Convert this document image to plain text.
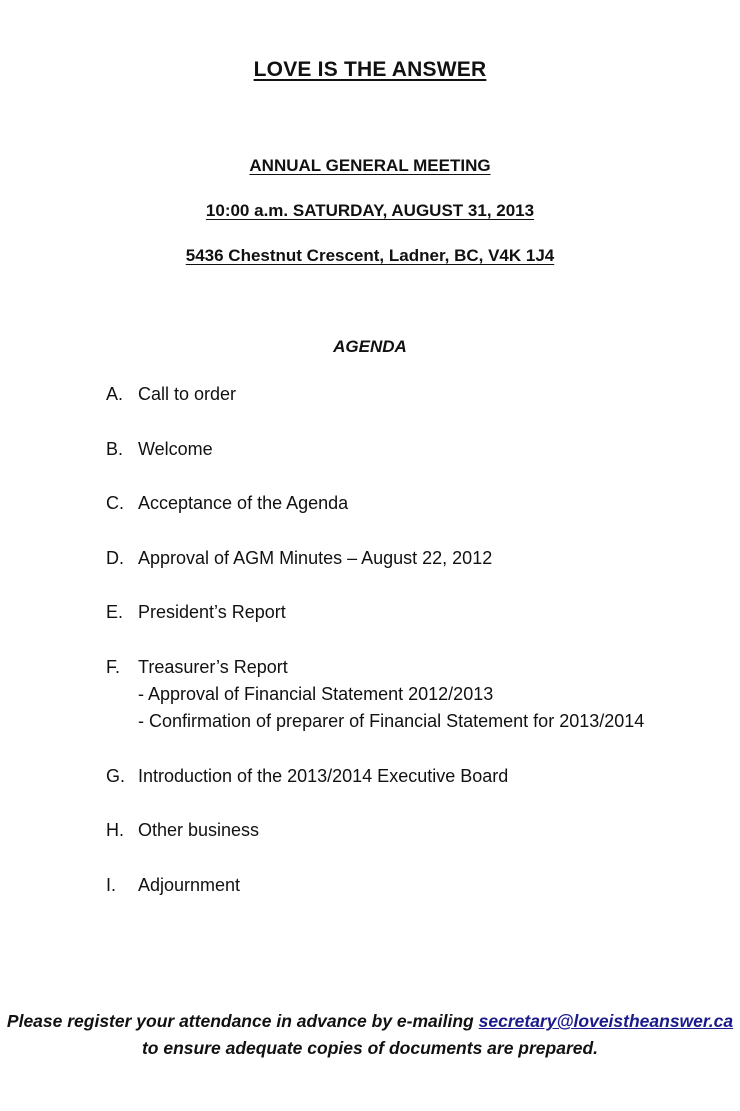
LOVE IS THE ANSWER
ANNUAL GENERAL MEETING
10:00 a.m. SATURDAY, AUGUST 31, 2013
5436 Chestnut Crescent, Ladner, BC, V4K 1J4
AGENDA
A. Call to order
B. Welcome
C. Acceptance of the Agenda
D. Approval of AGM Minutes – August 22, 2012
E. President’s Report
F. Treasurer’s Report
- Approval of Financial Statement 2012/2013
- Confirmation of preparer of Financial Statement for 2013/2014
G. Introduction of the 2013/2014 Executive Board
H. Other business
I.	Adjournment
Please register your attendance in advance by e-mailing secretary@loveistheanswer.ca
to ensure adequate copies of documents are prepared.
